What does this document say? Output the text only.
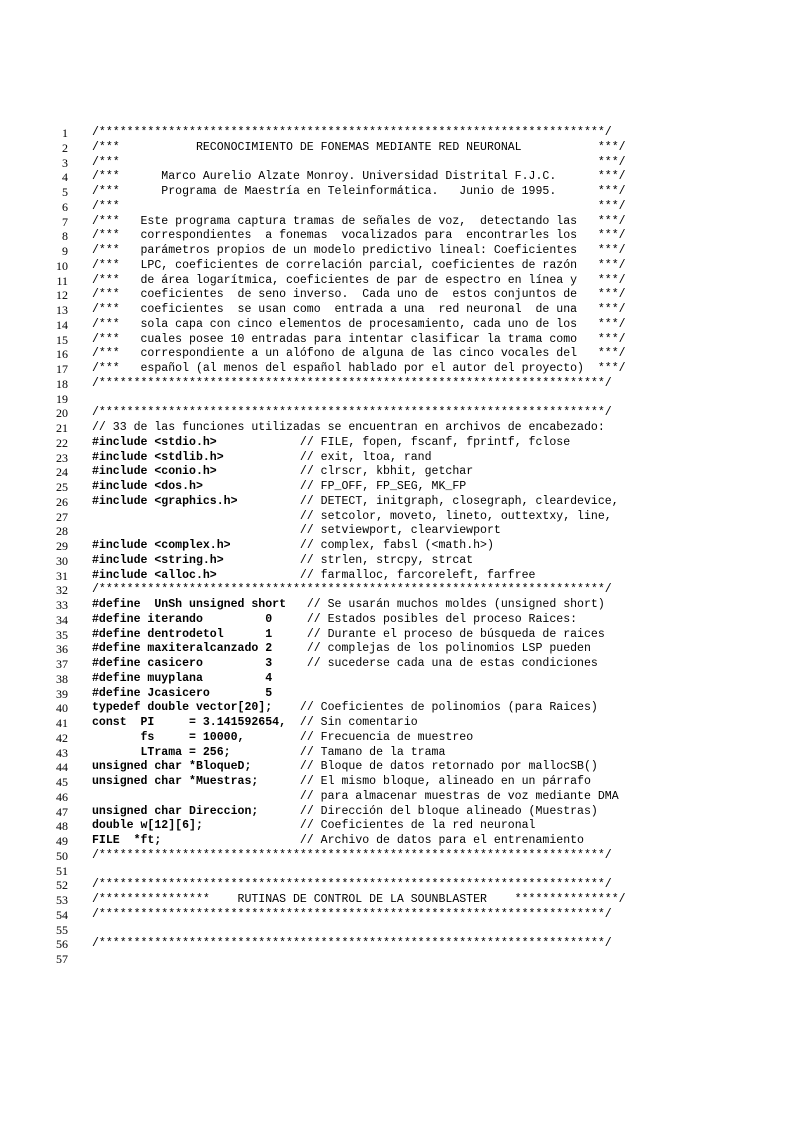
1 /*************************************************************************/
2 /***           RECONOCIMIENTO DE FONEMAS MEDIANTE RED NEURONAL           ***/
3 /***                                                                     ***/
4 /***      Marco Aurelio Alzate Monroy. Universidad Distrital F.J.C.      ***/
5 /***      Programa de Maestría en Teleinformática.   Junio de 1995.      ***/
6 /***                                                                     ***/
7 /***   Este programa captura tramas de señales de voz,  detectando las   ***/
8 /***   correspondientes  a fonemas  vocalizados para  encontrarles los   ***/
9 /***   parámetros propios de un modelo predictivo lineal: Coeficientes   ***/
10 /***   LPC, coeficientes de correlación parcial, coeficientes de razón   ***/
11 /***   de área logarítmica, coeficientes de par de espectro en línea y   ***/
12 /***   coeficientes  de seno inverso.  Cada uno de  estos conjuntos de   ***/
13 /***   coeficientes  se usan como  entrada a una  red neuronal  de una   ***/
14 /***   sola capa con cinco elementos de procesamiento, cada uno de los   ***/
15 /***   cuales posee 10 entradas para intentar clasificar la trama como   ***/
16 /***   correspondiente a un alófono de alguna de las cinco vocales del   ***/
17 /***   español (al menos del español hablado por el autor del proyecto)  ***/
18 /*************************************************************************/
19
20 /*************************************************************************/
21 // 33 de las funciones utilizadas se encuentran en archivos de encabezado:
22 #include <stdio.h>            // FILE, fopen, fscanf, fprintf, fclose
23 #include <stdlib.h>           // exit, ltoa, rand
24 #include <conio.h>            // clrscr, kbhit, getchar
25 #include <dos.h>              // FP_OFF, FP_SEG, MK_FP
26 #include <graphics.h>         // DETECT, initgraph, closegraph, cleardevice,
27 // setcolor, moveto, lineto, outtextxy, line,
28 // setviewport, clearviewport
29 #include <complex.h>          // complex, fabsl (<math.h>)
30 #include <string.h>           // strlen, strcpy, strcat
31 #include <alloc.h>            // farmalloc, farcoreleft, farfree
32 /*************************************************************************/
33 #define  UnSh unsigned short   // Se usarán muchos moldes (unsigned short)
34 #define iterando         0     // Estados posibles del proceso Raices:
35 #define dentrodetol      1     // Durante el proceso de búsqueda de raices
36 #define maxiteralcanzado 2     // complejas de los polinomios LSP pueden
37 #define casicero         3     // sucederse cada una de estas condiciones
38 #define muyplana         4
39 #define Jcasicero        5
40 typedef double vector[20];    // Coeficientes de polinomios (para Raices)
41 const  PI     = 3.141592654,  // Sin comentario
42 fs     = 10000,        // Frecuencia de muestreo
43 LTrama = 256;          // Tamano de la trama
44 unsigned char *BloqueD;       // Bloque de datos retornado por mallocSB()
45 unsigned char *Muestras;      // El mismo bloque, alineado en un párrafo
46 // para almacenar muestras de voz mediante DMA
47 unsigned char Direccion;      // Dirección del bloque alineado (Muestras)
48 double w[12][6];              // Coeficientes de la red neuronal
49 FILE  *ft;                    // Archivo de datos para el entrenamiento
50 /*************************************************************************/
51
52 /*************************************************************************/
53 /****************    RUTINAS DE CONTROL DE LA SOUNBLASTER    ***************/
54 /*************************************************************************/
55
56 /*************************************************************************/
57
